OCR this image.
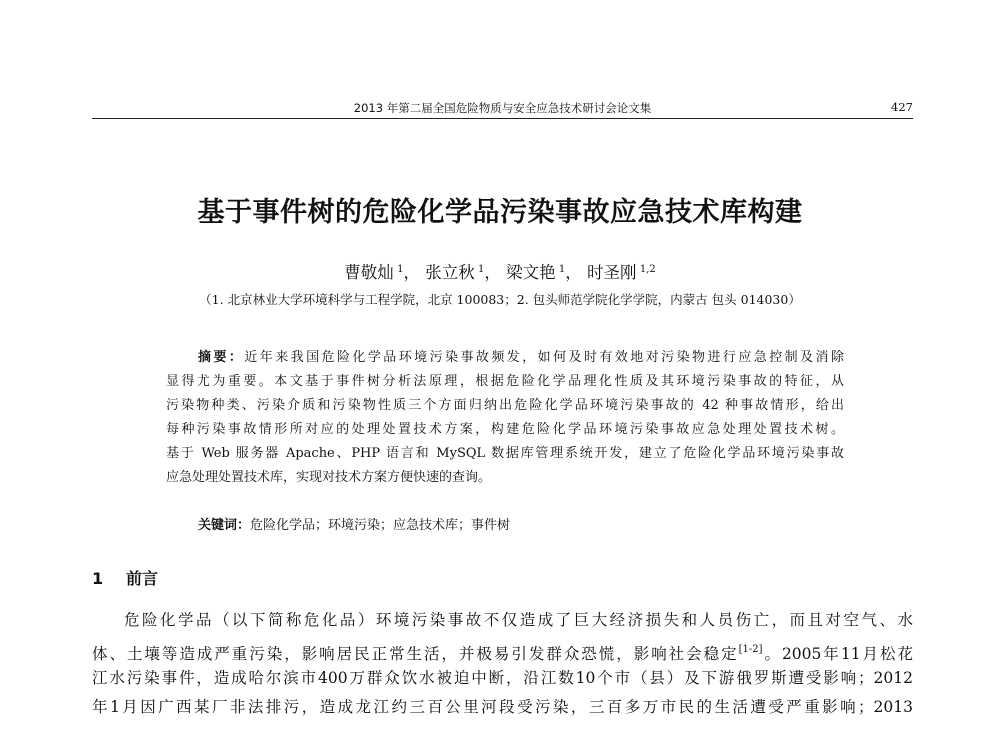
2013 年第二届全国危险物质与安全应急技术研讨会论文集	427
基于事件树的危险化学品污染事故应急技术库构建
曹敬灿  $^1$， 张立秋  $^1$， 梁文艳  $^1$， 时圣刚  $^{1,2}$
（1. 北京林业大学环境科学与工程学院，北京 100083；2. 包头师范学院化学学院，内蒙古 包头 014030）
摘要：近年来我国危险化学品环境污染事故频发，如何及时有效地对污染物进行应急控制及消除
显得尤为重要。本文基于事件树分析法原理，根据危险化学品理化性质及其环境污染事故的特征，从
污染物种类、污染介质和污染物性质三个方面归纳出危险化学品环境污染事故的 42 种事故情形，给出
每种污染事故情形所对应的处理处置技术方案，构建危险化学品环境污染事故应急处理处置技术树。
基于 Web 服务器 Apache、PHP 语言和 MySQL 数据库管理系统开发，建立了危险化学品环境污染事故
应急处理处置技术库，实现对技术方案方便快速的查询。
关键词：危险化学品；环境污染；应急技术库；事件树
1 前言
危险化学品（以下简称危化品）环境污染事故不仅造成了巨大经济损失和人员伤亡，而且对空气、水
体、土壤等造成严重污染，影响居民正常生活，并极易引发群众恐慌，影响社会稳定[1-2]。2005年11月松花
江水污染事件，造成哈尔滨市400万群众饮水被迫中断，沿江数10个市（县）及下游俄罗斯遭受影响；2012
年1月因广西某厂非法排污，造成龙江约三百公里河段受污染，三百多万市民的生活遭受严重影响；2013
